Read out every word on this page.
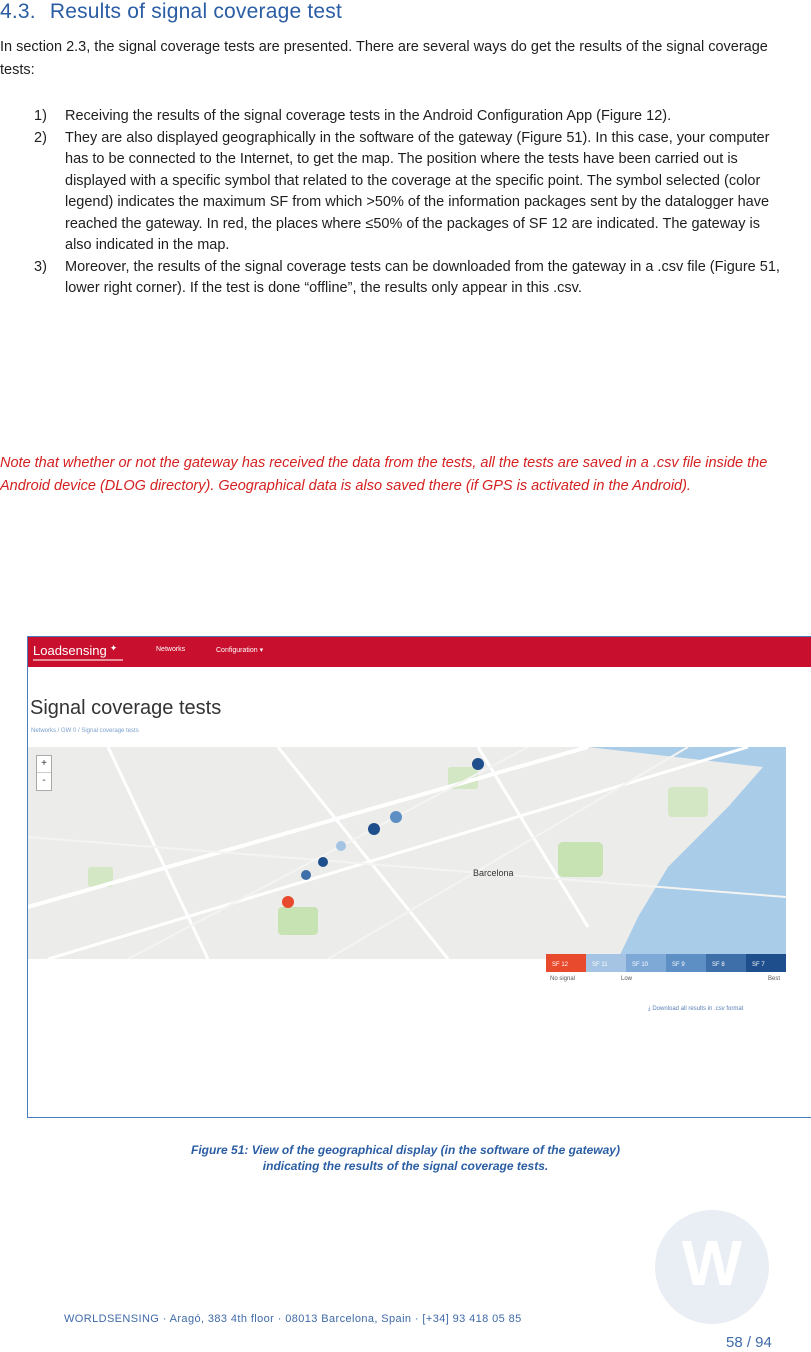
4.3. Results of signal coverage test

In section 2.3, the signal coverage tests are presented. There are several ways do get the results of the signal coverage tests:

1) Receiving the results of the signal coverage tests in the Android Configuration App (Figure 12).
2) They are also displayed geographically in the software of the gateway (Figure 51). In this case, your computer has to be connected to the Internet, to get the map. The position where the tests have been carried out is displayed with a specific symbol that related to the coverage at the specific point. The symbol selected (color legend) indicates the maximum SF from which >50% of the information packages sent by the datalogger have reached the gateway. In red, the places where ≤50% of the packages of SF 12 are indicated. The gateway is also indicated in the map.
3) Moreover, the results of the signal coverage tests can be downloaded from the gateway in a .csv file (Figure 51, lower right corner). If the test is done “offline”, the results only appear in this .csv.

Note that whether or not the gateway has received the data from the tests, all the tests are saved in a .csv file inside the Android device (DLOG directory). Geographical data is also saved there (if GPS is activated in the Android).

Loadsensing ✦	Networks	Configuration ▾
Signal coverage tests
Networks / GW 0 / Signal coverage tests
Barcelona
+
-
SF 12	SF 11	SF 10	SF 9	SF 8	SF 7
No signal	Low	Best
⤓ Download all results in .csv format

Figure 51: View of the geographical display (in the software of the gateway)
indicating the results of the signal coverage tests.

W
WORLDSENSING · Aragó, 383 4th floor · 08013 Barcelona, Spain · [+34] 93 418 05 85
58 / 94
